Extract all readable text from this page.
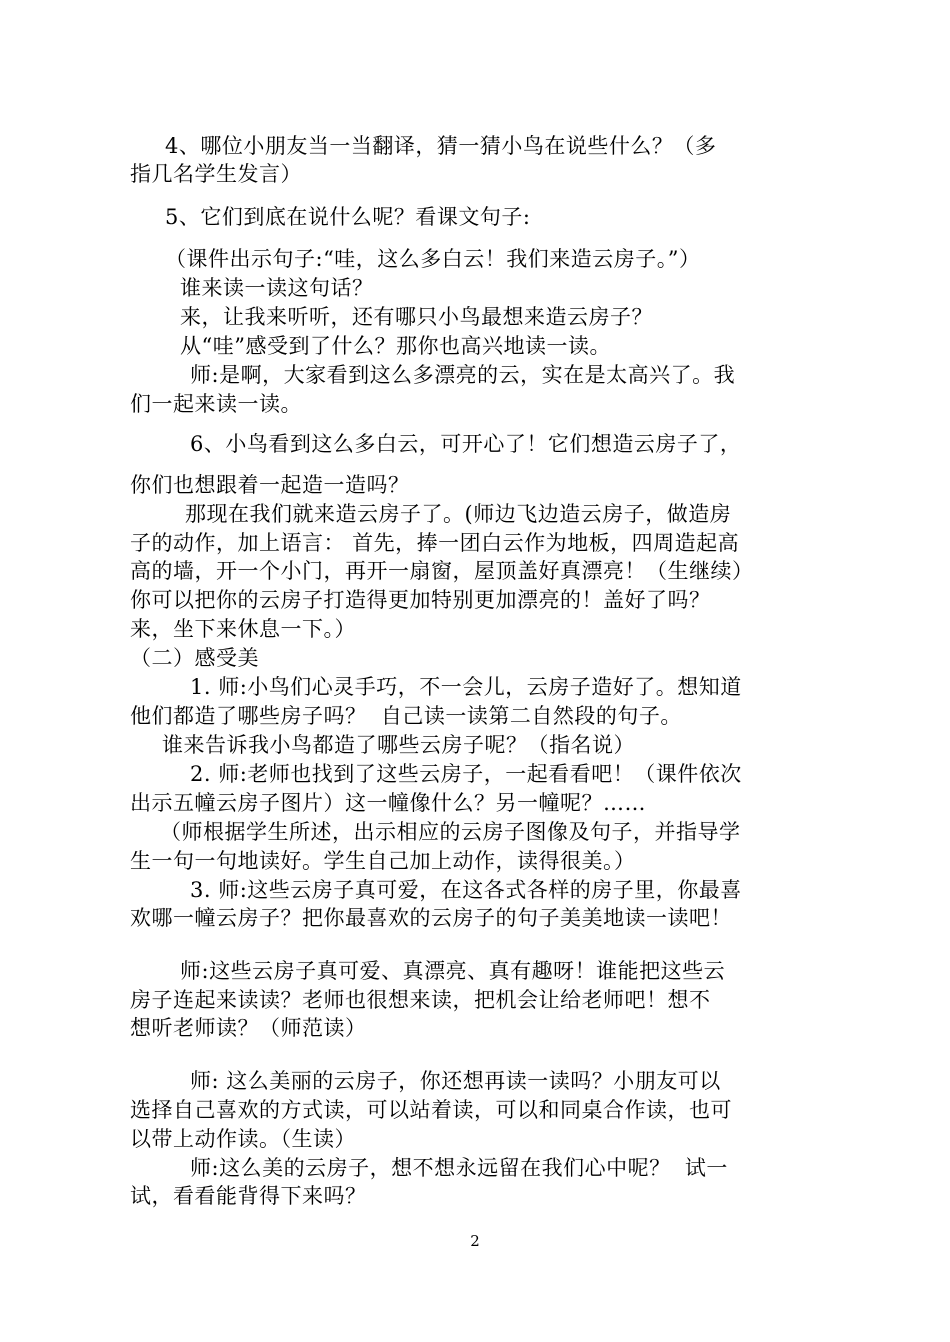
4、哪位小朋友当一当翻译，猜一猜小鸟在说些什么？（多
指几名学生发言）
5、它们到底在说什么呢？看课文句子:
（课件出示句子:“哇，这么多白云！我们来造云房子。”）
谁来读一读这句话？
来，让我来听听，还有哪只小鸟最想来造云房子？
从“哇”感受到了什么？那你也高兴地读一读。
师:是啊，大家看到这么多漂亮的云，实在是太高兴了。我
们一起来读一读。
6、小鸟看到这么多白云，可开心了！它们想造云房子了，
你们也想跟着一起造一造吗？
那现在我们就来造云房子了。(师边飞边造云房子，做造房
子的动作，加上语言： 首先，捧一团白云作为地板，四周造起高
高的墙，开一个小门，再开一扇窗，屋顶盖好真漂亮！（生继续）
你可以把你的云房子打造得更加特别更加漂亮的！盖好了吗？
来，坐下来休息一下。）
（二）感受美
1. 师:小鸟们心灵手巧，不一会儿，云房子造好了。想知道
他们都造了哪些房子吗？  自己读一读第二自然段的句子。
谁来告诉我小鸟都造了哪些云房子呢？（指名说）
2. 师:老师也找到了这些云房子，一起看看吧！（课件依次
出示五幢云房子图片）这一幢像什么？另一幢呢？……
（师根据学生所述，出示相应的云房子图像及句子，并指导学
生一句一句地读好。学生自己加上动作，读得很美。）
3. 师:这些云房子真可爱，在这各式各样的房子里，你最喜
欢哪一幢云房子？把你最喜欢的云房子的句子美美地读一读吧！
师:这些云房子真可爱、真漂亮、真有趣呀！谁能把这些云
房子连起来读读？老师也很想来读，把机会让给老师吧！想不
想听老师读？（师范读）
师: 这么美丽的云房子，你还想再读一读吗？小朋友可以
选择自己喜欢的方式读，可以站着读，可以和同桌合作读，也可
以带上动作读。（生读）
师:这么美的云房子，想不想永远留在我们心中呢？  试一
试，看看能背得下来吗？
2
